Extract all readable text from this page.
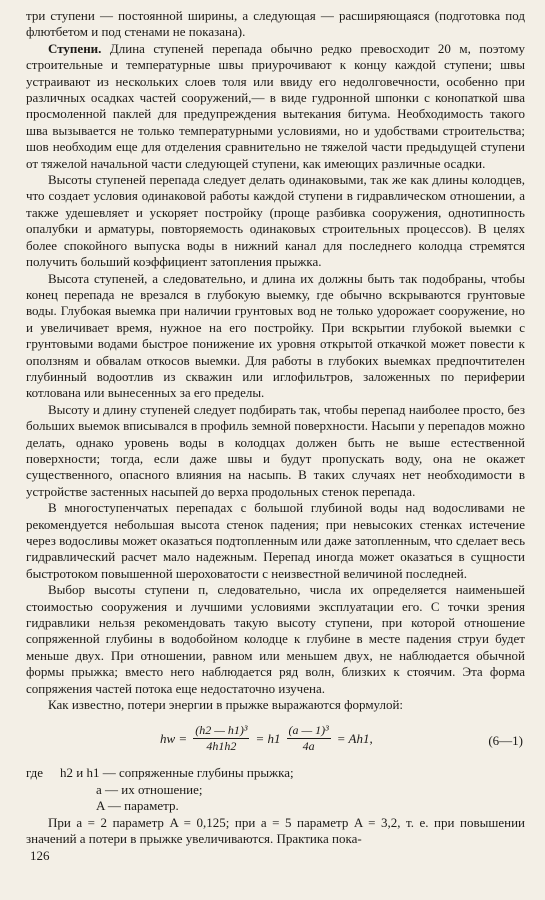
три ступени — постоянной ширины, а следующая — расширяющаяся (подготовка под флютбетом и под стенами не показана).

Ступени. Длина ступеней перепада обычно редко превосходит 20 м, поэтому строительные и температурные швы приурочивают к концу каждой ступени; швы устраивают из нескольких слоев толя или ввиду его недолговечности, особенно при различных осадках частей сооружений,— в виде гудронной шпонки с конопаткой шва просмоленной паклей для предупреждения вытекания битума. Необходимость такого шва вызывается не только температурными условиями, но и удобствами строительства; шов необходим еще для отделения сравнительно не тяжелой части предыдущей ступени от тяжелой начальной части следующей ступени, как имеющих различные осадки.

Высоты ступеней перепада следует делать одинаковыми, так же как длины колодцев, что создает условия одинаковой работы каждой ступени в гидравлическом отношении, а также удешевляет и ускоряет постройку (проще разбивка сооружения, однотипность опалубки и арматуры, повторяемость одинаковых строительных процессов). В целях более спокойного выпуска воды в нижний канал для последнего колодца стремятся получить больший коэффициент затопления прыжка.

Высота ступеней, а следовательно, и длина их должны быть так подобраны, чтобы конец перепада не врезался в глубокую выемку, где обычно вскрываются грунтовые воды. Глубокая выемка при наличии грунтовых вод не только удорожает сооружение, но и увеличивает время, нужное на его постройку. При вскрытии глубокой выемки с грунтовыми водами быстрое понижение их уровня открытой откачкой может повести к оползням и обвалам откосов выемки. Для работы в глубоких выемках предпочтителен глубинный водоотлив из скважин или иглофильтров, заложенных по периферии котлована или вынесенных за его пределы.

Высоту и длину ступеней следует подбирать так, чтобы перепад наиболее просто, без больших выемок вписывался в профиль земной поверхности. Насыпи у перепадов можно делать, однако уровень воды в колодцах должен быть не выше естественной поверхности; тогда, если даже швы и будут пропускать воду, она не окажет существенного, опасного влияния на насыпь. В таких случаях нет необходимости в устройстве застенных насыпей до верха продольных стенок перепада.

В многоступенчатых перепадах с большой глубиной воды над водосливами не рекомендуется небольшая высота стенок падения; при невысоких стенках истечение через водосливы может оказаться подтопленным или даже затопленным, что сделает весь гидравлический расчет мало надежным. Перепад иногда может оказаться в сущности быстротоком повышенной шероховатости с неизвестной величиной последней.

Выбор высоты ступени п, следовательно, числа их определяется наименьшей стоимостью сооружения и лучшими условиями эксплуатации его. С точки зрения гидравлики нельзя рекомендовать такую высоту ступени, при которой отношение сопряженной глубины в водобойном колодце к глубине в месте падения струи будет меньше двух. При отношении, равном или меньшем двух, не наблюдается обычной формы прыжка; вместо него наблюдается ряд волн, близких к стоячим. Эта форма сопряжения частей потока еще недостаточно изучена.

Как известно, потери энергии в прыжке выражаются формулой:

hw = $\frac{\text{(h2 — h1)³}}{4h1h2} = h1 \frac{\text{(a — 1)³}}{4a} = Ah1$,	(6—1)
где	h2 и h1 — сопряженные глубины прыжка;
a — их отношение;
A — параметр.

При a = 2 параметр A = 0,125; при a = 5 параметр A = 3,2, т. е. при повышении значений a потери в прыжке увеличиваются. Практика пока-

126
